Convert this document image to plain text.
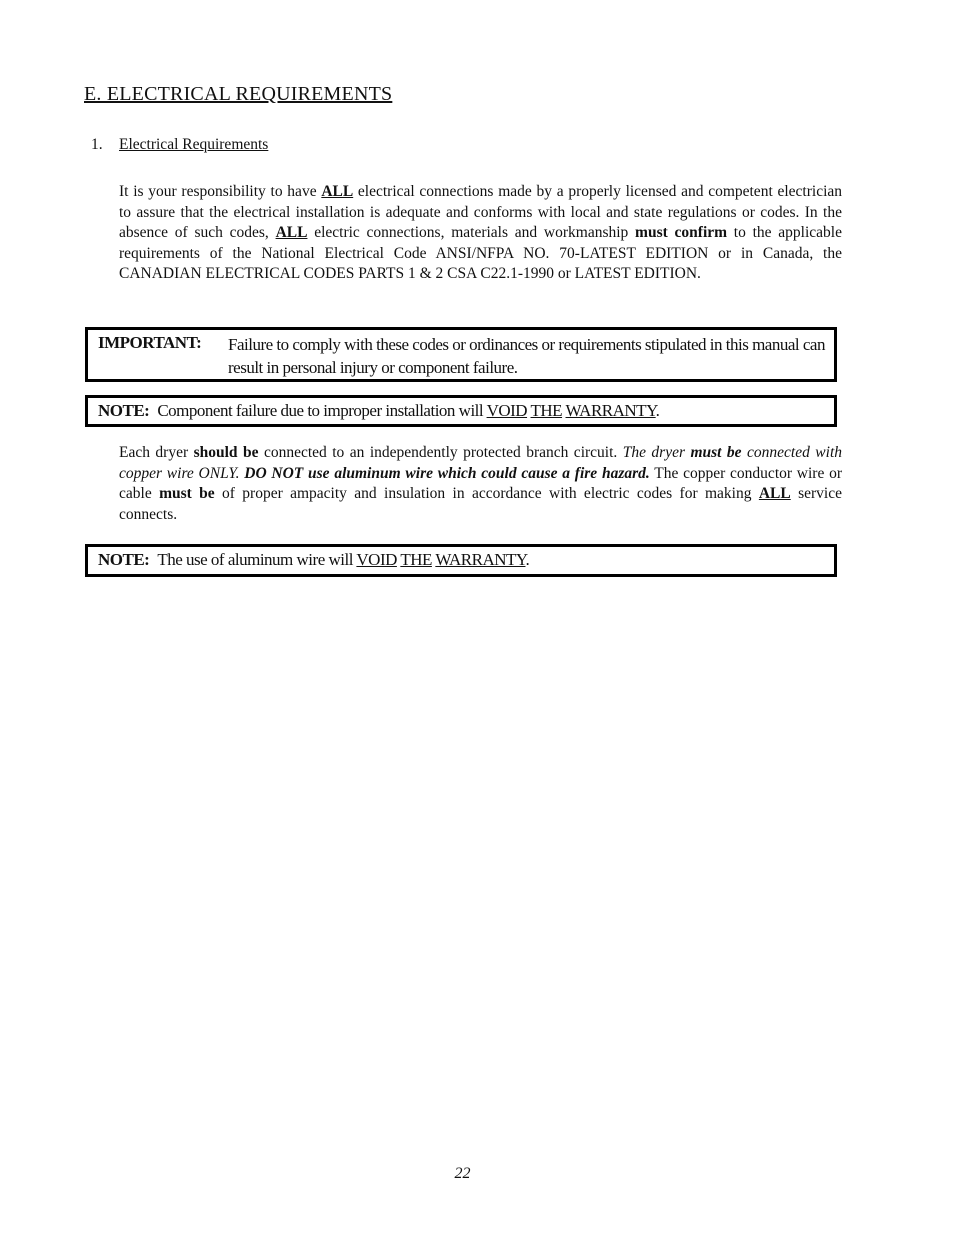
E. ELECTRICAL REQUIREMENTS
1. Electrical Requirements

It is your responsibility to have ALL electrical connections made by a properly licensed and competent electrician to assure that the electrical installation is adequate and conforms with local and state regulations or codes. In the absence of such codes, ALL electric connections, materials and workmanship must confirm to the applicable requirements of the National Electrical Code ANSI/NFPA NO. 70-LATEST EDITION or in Canada, the CANADIAN ELECTRICAL CODES PARTS 1 & 2 CSA C22.1-1990 or LATEST EDITION.

IMPORTANT: Failure to comply with these codes or ordinances or requirements stipulated in this manual can result in personal injury or component failure.
NOTE: Component failure due to improper installation will VOID THE WARRANTY.

Each dryer should be connected to an independently protected branch circuit. The dryer must be connected with copper wire ONLY. DO NOT use aluminum wire which could cause a fire hazard. The copper conductor wire or cable must be of proper ampacity and insulation in accordance with electric codes for making ALL service connects.

NOTE: The use of aluminum wire will VOID THE WARRANTY.
22
